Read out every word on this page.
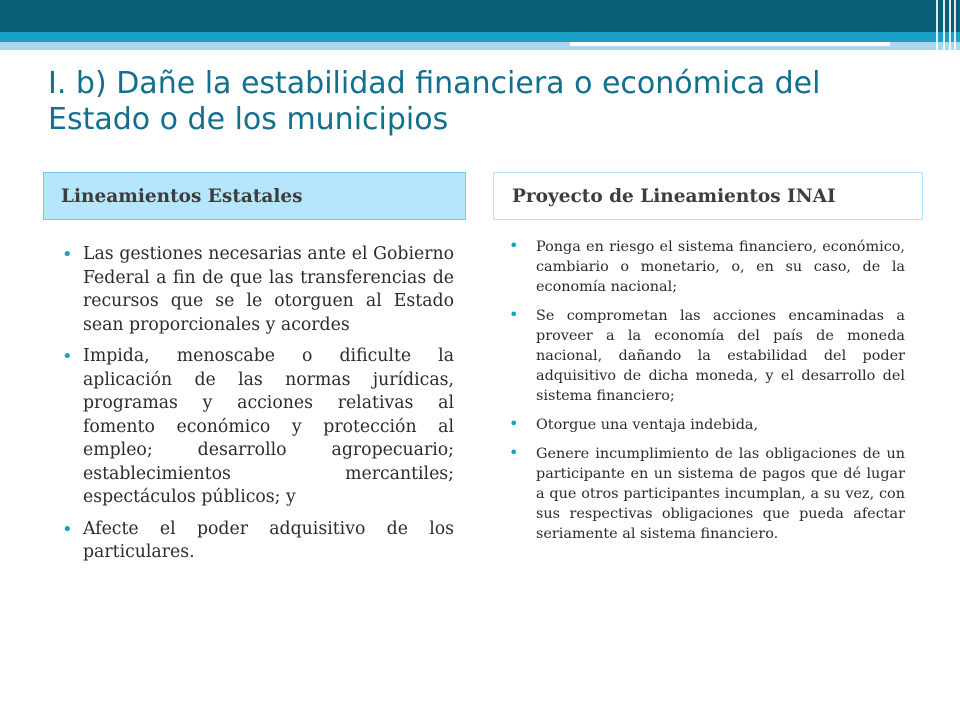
I. b) Dañe la estabilidad financiera o económica del Estado o de los municipios
Lineamientos Estatales	Proyecto de Lineamientos INAI
• Las gestiones necesarias ante el Gobierno Federal a fin de que las transferencias de recursos que se le otorguen al Estado sean proporcionales y acordes
• Impida, menoscabe o dificulte la aplicación de las normas jurídicas, programas y acciones relativas al fomento económico y protección al empleo; desarrollo agropecuario; establecimientos mercantiles; espectáculos públicos; y
• Afecte el poder adquisitivo de los particulares.
• Ponga en riesgo el sistema financiero, económico, cambiario o monetario, o, en su caso, de la economía nacional;
• Se comprometan las acciones encaminadas a proveer a la economía del país de moneda nacional, dañando la estabilidad del poder adquisitivo de dicha moneda, y el desarrollo del sistema financiero;
• Otorgue una ventaja indebida,
• Genere incumplimiento de las obligaciones de un participante en un sistema de pagos que dé lugar a que otros participantes incumplan, a su vez, con sus respectivas obligaciones que pueda afectar seriamente al sistema financiero.
